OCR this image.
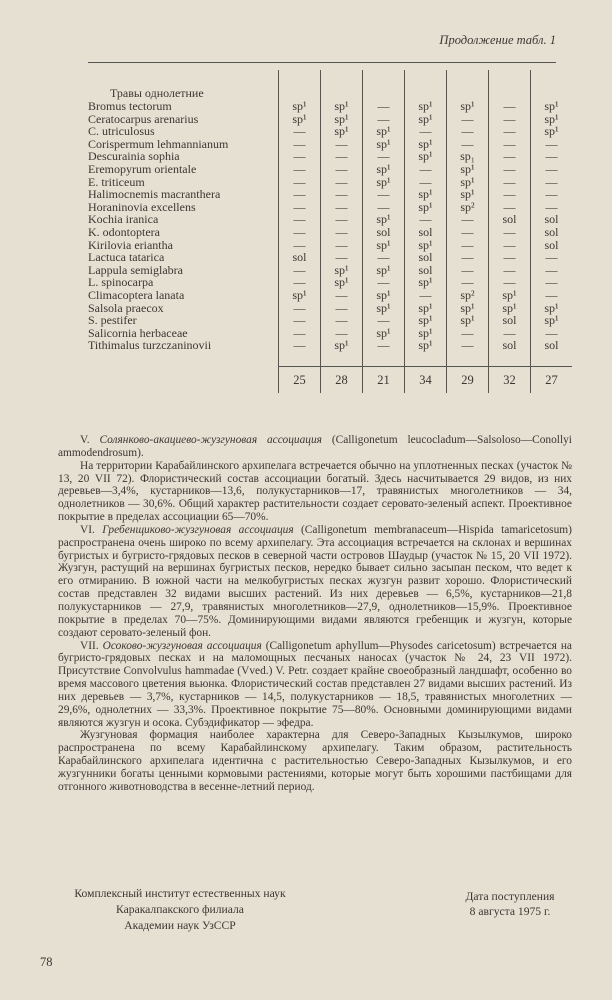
Продолжение табл. 1
Травы однолетние							
Bromus tectorum	sp¹	sp¹	—	sp¹	sp¹	—	sp¹
Ceratocarpus arenarius	sp¹	sp¹	—	sp¹	—	—	sp¹
C. utriculosus	—	sp¹	sp¹	—	—	—	sp¹
Corispermum lehmannianum	—	—	sp¹	sp¹	—	—	—
Descurainia sophia	—	—	—	sp¹	sp₁	—	—
Eremopyrum orientale	—	—	sp¹	—	sp¹	—	—
E. triticeum	—	—	sp¹	—	sp¹	—	—
Halimocnemis macranthera	—	—	—	sp¹	sp¹	—	—
Horaninovia excellens	—	—	—	sp¹	sp²	—	—
Kochia iranica	—	—	sp¹	—	—	sol	sol
K. odontoptera	—	—	sol	sol	—	—	sol
Kirilovia eriantha	—	—	sp¹	sp¹	—	—	sol
Lactuca tatarica	sol	—	—	sol	—	—	—
Lappula semiglabra	—	sp¹	sp¹	sol	—	—	—
L. spinocarpa	—	sp¹	—	sp¹	—	—	—
Climacoptera lanata	sp¹	—	sp¹	—	sp²	sp¹	—
Salsola praecox	—	—	sp¹	sp¹	sp¹	sp¹	sp¹
S. pestifer	—	—	—	sp¹	sp¹	sol	sp¹
Salicornia herbaceae	—	—	sp¹	sp¹	—	—	—
Tithimalus turzczaninovii	—	sp¹	—	sp¹	—	sol	sol

	25	28	21	34	29	32	27

V. Солянково-акациево-жузгуновая ассоциация (Calligonetum leucocladum—Salsoloso—Conollyi ammodendrosum).

На территории Карабайлинского архипелага встречается обычно на уплотненных песках (участок № 13, 20 VII 72). Флористический состав ассоциации богатый. Здесь насчитывается 29 видов, из них деревьев—3,4%, кустарников—13,6, полукустарников—17, травянистых многолетников — 34, однолетников — 30,6%. Общий характер растительности создает серовато-зеленый аспект. Проективное покрытие в пределах ассоциации 65—70%.

VI. Гребенщиково-жузгуновая ассоциация (Calligonetum membranaceum—Hispida tamaricetosum) распространена очень широко по всему архипелагу. Эта ассоциация встречается на склонах и вершинах бугристых и бугристо-грядовых песков в северной части островов Шаудыр (участок № 15, 20 VII 1972). Жузгун, растущий на вершинах бугристых песков, нередко бывает сильно засыпан песком, что ведет к его отмиранию. В южной части на мелкобугристых песках жузгун развит хорошо. Флористический состав представлен 32 видами высших растений. Из них деревьев — 6,5%, кустарников—21,8 полукустарников — 27,9, травянистых многолетников—27,9, однолетников—15,9%. Проективное покрытие в пределах 70—75%. Доминирующими видами являются гребенщик и жузгун, которые создают серовато-зеленый фон.

VII. Осоково-жузгуновая ассоциация (Calligonetum aphyllum—Physodes caricetosum) встречается на бугристо-грядовых песках и на маломощных песчаных наносах (участок № 24, 23 VII 1972). Присутствие Convolvulus hammadae (Vved.) V. Petr. создает крайне своеобразный ландшафт, особенно во время массового цветения вьюнка. Флористический состав представлен 27 видами высших растений. Из них деревьев — 3,7%, кустарников — 14,5, полукустарников — 18,5, травянистых многолетних — 29,6%, однолетних — 33,3%. Проективное покрытие 75—80%. Основными доминирующими видами являются жузгун и осока. Субэдификатор — эфедра.

Жузгуновая формация наиболее характерна для Северо-Западных Кызылкумов, широко распространена по всему Карабайлинскому архипелагу. Таким образом, растительность Карабайлинского архипелага идентична с растительностью Северо-Западных Кызылкумов, и его жузгунники богаты ценными кормовыми растениями, которые могут быть хорошими пастбищами для отгонного животноводства в весенне-летний период.

Комплексный институт естественных наук
Каракалпакского филиала
Академии наук УзССР
Дата поступления
8 августа 1975 г.
78
